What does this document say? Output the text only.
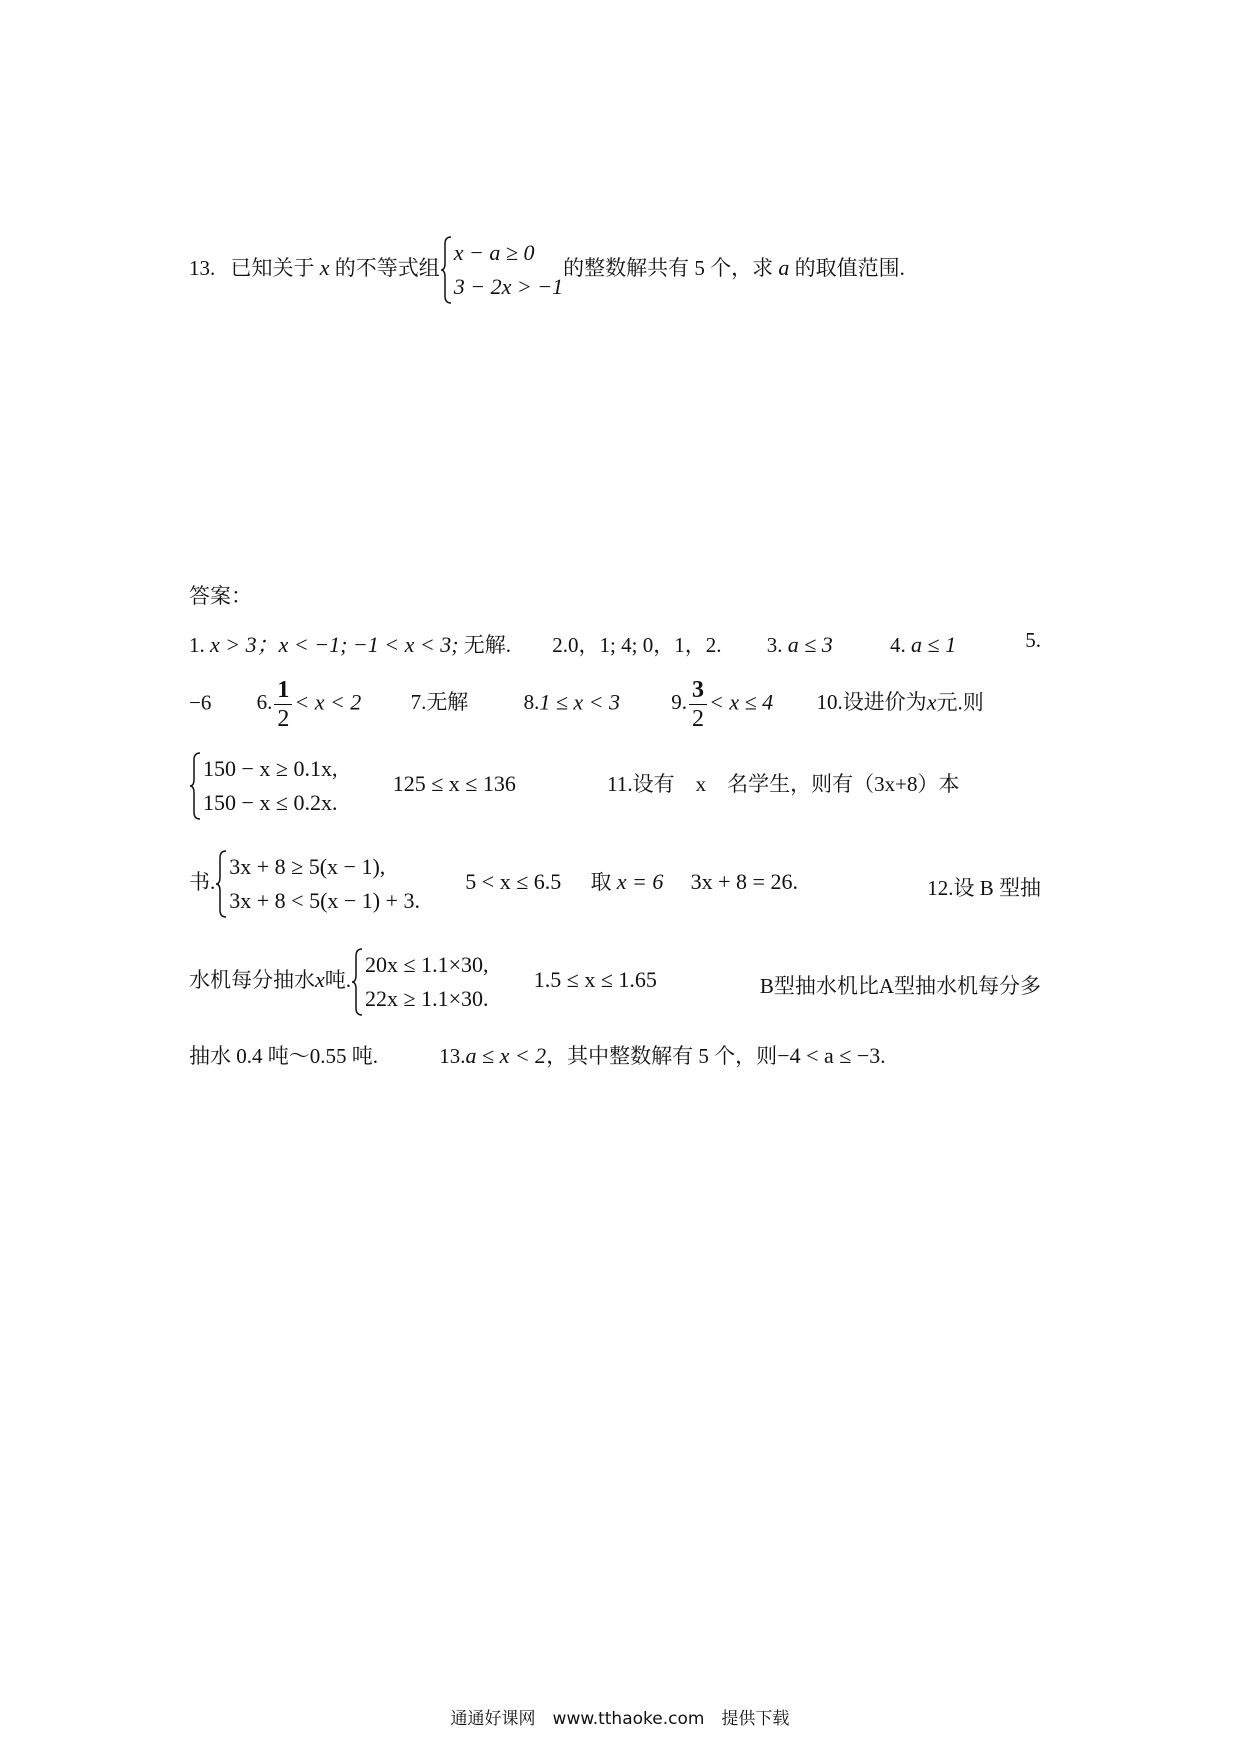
13. 已知关于 x 的不等式组
x − a ≥ 0
3 − 2x > −1
的整数解共有 5 个，求 a 的取值范围.
答案：
1. x > 3；x < −1; −1 < x < 3; 无解. 2.0，1; 4; 0，1，2. 3. a ≤ 3	4. a ≤ 1	5.
−6 6. $\frac{1}{2} < x < 2$ 7.无解	8.1 ≤ x < 3 9. $\frac{3}{2} < x \le 4$ 10.设进价为x元.则
150 − x ≥ 0.1x,
150 − x ≤ 0.2x.
125 ≤ x ≤ 136	11.设有　x　名学生，则有（3x+8）本
书.
3x + 8 ≥ 5(x − 1),
3x + 8 < 5(x − 1) + 3.
5 < x ≤ 6.5 取 x = 6 3x + 8 = 26.	12.设 B 型抽
水机每分抽水x吨.
20x ≤ 1.1×30,
22x ≥ 1.1×30.
1.5 ≤ x ≤ 1.65	B型抽水机比A型抽水机每分多
抽水 0.4 吨～0.55 吨.	13.a ≤ x < 2，其中整数解有 5 个，则−4 < a ≤ −3.
通通好课网　www.tthaoke.com　提供下载
